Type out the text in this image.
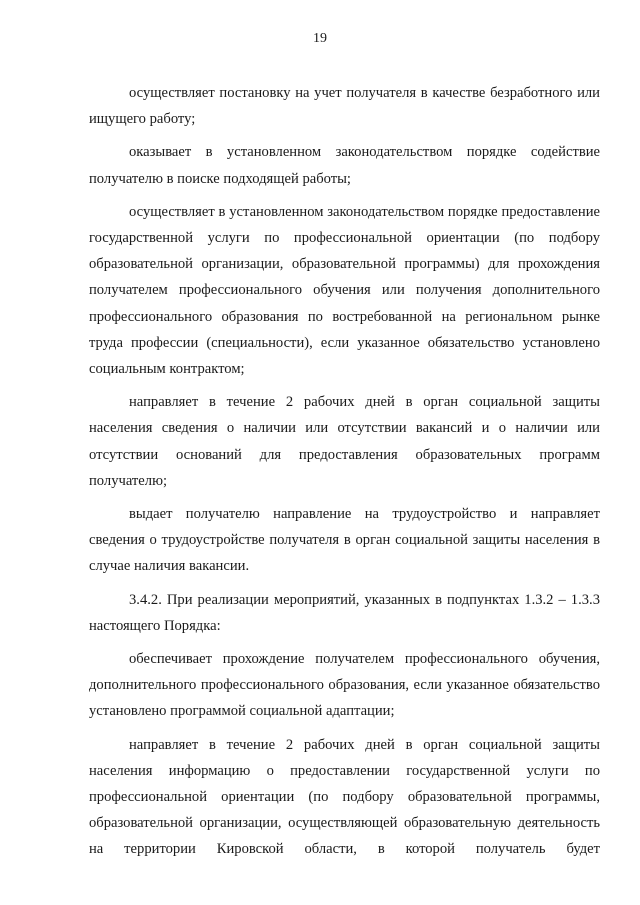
19

осуществляет постановку на учет получателя в качестве безработного или ищущего работу;

оказывает в установленном законодательством порядке содействие получателю в поиске подходящей работы;

осуществляет в установленном законодательством порядке предоставление государственной услуги по профессиональной ориентации (по подбору образовательной организации, образовательной программы) для прохождения получателем профессионального обучения или получения дополнительного профессионального образования по востребованной на региональном рынке труда профессии (специальности), если указанное обязательство установлено социальным контрактом;

направляет в течение 2 рабочих дней в орган социальной защиты населения сведения о наличии или отсутствии вакансий и о наличии или отсутствии оснований для предоставления образовательных программ получателю;

выдает получателю направление на трудоустройство и направляет сведения о трудоустройстве получателя в орган социальной защиты населения в случае наличия вакансии.

3.4.2. При реализации мероприятий, указанных в подпунктах 1.3.2 – 1.3.3 настоящего Порядка:

обеспечивает прохождение получателем профессионального обучения, дополнительного профессионального образования, если указанное обязательство установлено программой социальной адаптации;

направляет в течение 2 рабочих дней в орган социальной защиты населения информацию о предоставлении государственной услуги по профессиональной ориентации (по подбору образовательной программы, образовательной организации, осуществляющей образовательную деятельность на территории Кировской области, в которой получатель будет
